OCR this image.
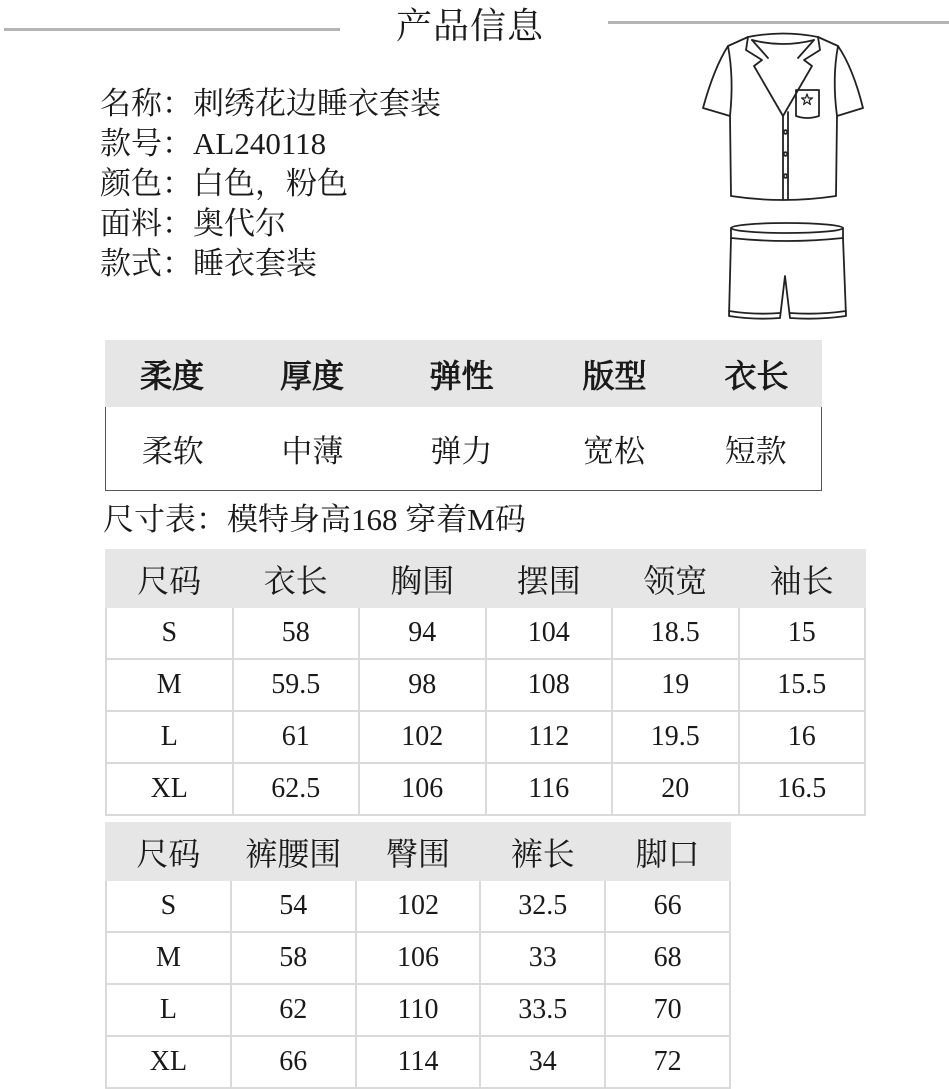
产品信息
名称：刺绣花边睡衣套装
款号：AL240118
颜色：白色，粉色
面料：奥代尔
款式：睡衣套装
柔度	厚度	弹性	版型	衣长
柔软	中薄	弹力	宽松	短款
尺寸表：模特身高168 穿着M码
尺码	衣长	胸围	摆围	领宽	袖长
S	58	94	104	18.5	15
M	59.5	98	108	19	15.5
L	61	102	112	19.5	16
XL	62.5	106	116	20	16.5
尺码	裤腰围	臀围	裤长	脚口
S	54	102	32.5	66
M	58	106	33	68
L	62	110	33.5	70
XL	66	114	34	72
